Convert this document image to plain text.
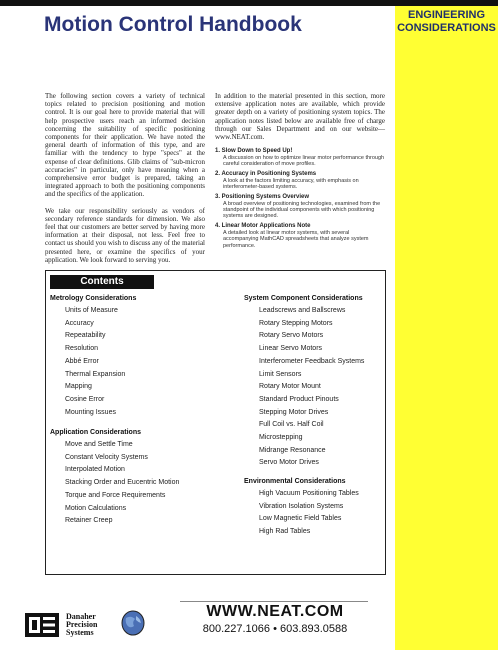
ENGINEERING CONSIDERATIONS
Motion Control Handbook

The following section covers a variety of technical topics related to precision positioning and motion control. It is our goal here to provide material that will help prospective users reach an informed decision concerning the suitability of specific positioning components for their application. We have noted the general dearth of information of this type, and are familiar with the tendency to hype "specs" at the expense of clear definitions. Glib claims of "sub-micron accuracies" in particular, only have meaning when a comprehensive error budget is prepared, taking an integrated approach to both the positioning components and the specifics of the application.

We take our responsibility seriously as vendors of secondary reference standards for dimension. We also feel that our customers are better served by having more information at their disposal, not less. Feel free to contact us should you wish to discuss any of the material presented here, or examine the specifics of your application. We look forward to serving you.

In addition to the material presented in this section, more extensive application notes are available, which provide greater depth on a variety of positioning system topics. The application notes listed below are available free of charge through our Sales Department and on our website—www.NEAT.com.

1. Slow Down to Speed Up!
A discussion on how to optimize linear motor performance through careful consideration of move profiles.
2. Accuracy in Positioning Systems
A look at the factors limiting accuracy, with emphasis on interferometer-based systems.
3. Positioning Systems Overview
A broad overview of positioning technologies, examined from the standpoint of the individual components with which positioning systems are designed.
4. Linear Motor Applications Note
A detailed look at linear motor systems, with several accompanying MathCAD spreadsheets that analyze system performance.
Contents
Metrology Considerations
Units of Measure
Accuracy
Repeatability
Resolution
Abbé Error
Thermal Expansion
Mapping
Cosine Error
Mounting Issues
Application Considerations
Move and Settle Time
Constant Velocity Systems
Interpolated Motion
Stacking Order and Eucentric Motion
Torque and Force Requirements
Motion Calculations
Retainer Creep
System Component Considerations
Leadscrews and Ballscrews
Rotary Stepping Motors
Rotary Servo Motors
Linear Servo Motors
Interferometer Feedback Systems
Limit Sensors
Rotary Motor Mount
Standard Product Pinouts
Stepping Motor Drives
Full Coil vs. Half Coil
Microstepping
Midrange Resonance
Servo Motor Drives
Environmental Considerations
High Vacuum Positioning Tables
Vibration Isolation Systems
Low Magnetic Field Tables
High Rad Tables
Danaher
Precision
Systems
WWW.NEAT.COM
800.227.1066 • 603.893.0588
